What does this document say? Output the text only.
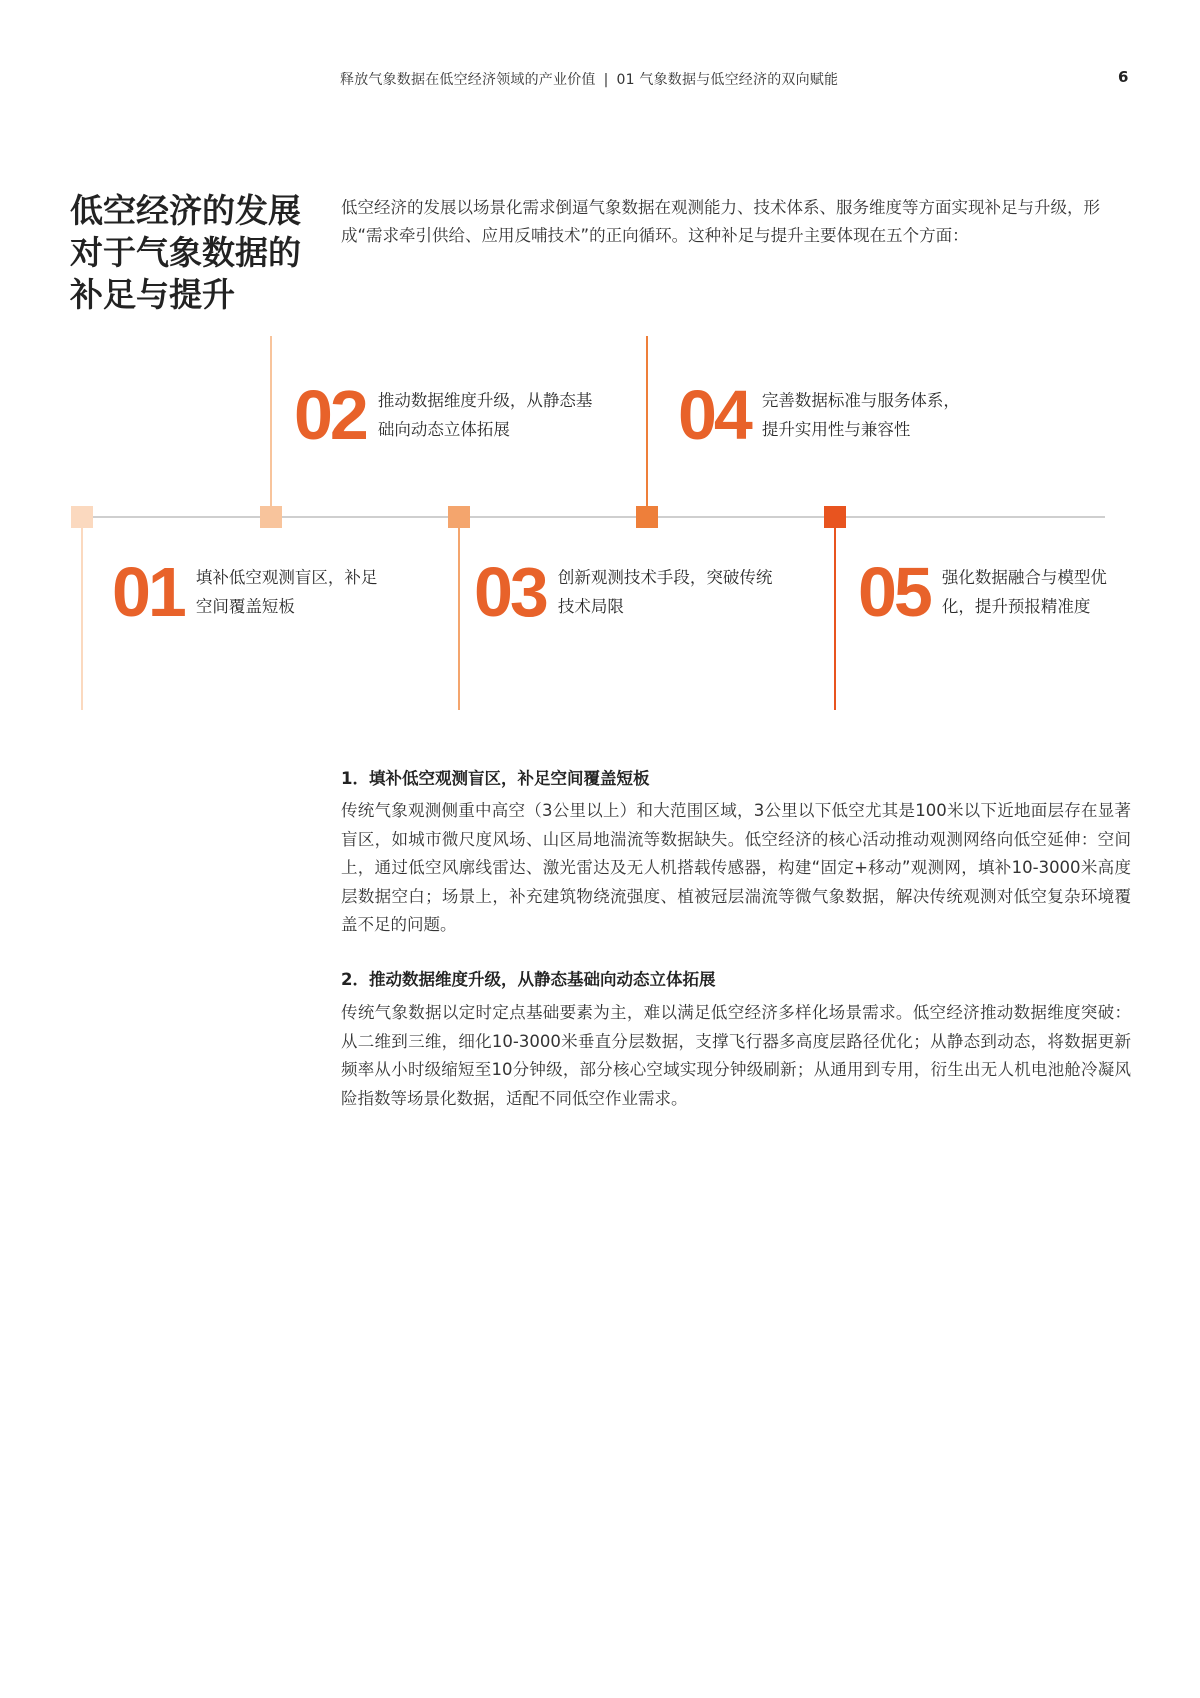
释放气象数据在低空经济领域的产业价值 | 01 气象数据与低空经济的双向赋能	6
低空经济的发展
对于气象数据的
补足与提升
低空经济的发展以场景化需求倒逼气象数据在观测能力、技术体系、服务维度等方面实现补足与升级，形成“需求牵引供给、应用反哺技术”的正向循环。这种补足与提升主要体现在五个方面：
01 填补低空观测盲区，补足
空间覆盖短板
02 推动数据维度升级，从静态基
础向动态立体拓展
03 创新观测技术手段，突破传统
技术局限
04 完善数据标准与服务体系，
提升实用性与兼容性
05 强化数据融合与模型优
化，提升预报精准度
1．填补低空观测盲区，补足空间覆盖短板
传统气象观测侧重中高空（3公里以上）和大范围区域，3公里以下低空尤其是100米以下近地面层存在显著盲区，如城市微尺度风场、山区局地湍流等数据缺失。低空经济的核心活动推动观测网络向低空延伸：空间上，通过低空风廓线雷达、激光雷达及无人机搭载传感器，构建“固定+移动”观测网，填补10-3000米高度层数据空白；场景上，补充建筑物绕流强度、植被冠层湍流等微气象数据，解决传统观测对低空复杂环境覆盖不足的问题。
2．推动数据维度升级，从静态基础向动态立体拓展
传统气象数据以定时定点基础要素为主，难以满足低空经济多样化场景需求。低空经济推动数据维度突破：从二维到三维，细化10-3000米垂直分层数据，支撑飞行器多高度层路径优化；从静态到动态，将数据更新频率从小时级缩短至10分钟级，部分核心空域实现分钟级刷新；从通用到专用，衍生出无人机电池舱冷凝风险指数等场景化数据，适配不同低空作业需求。
